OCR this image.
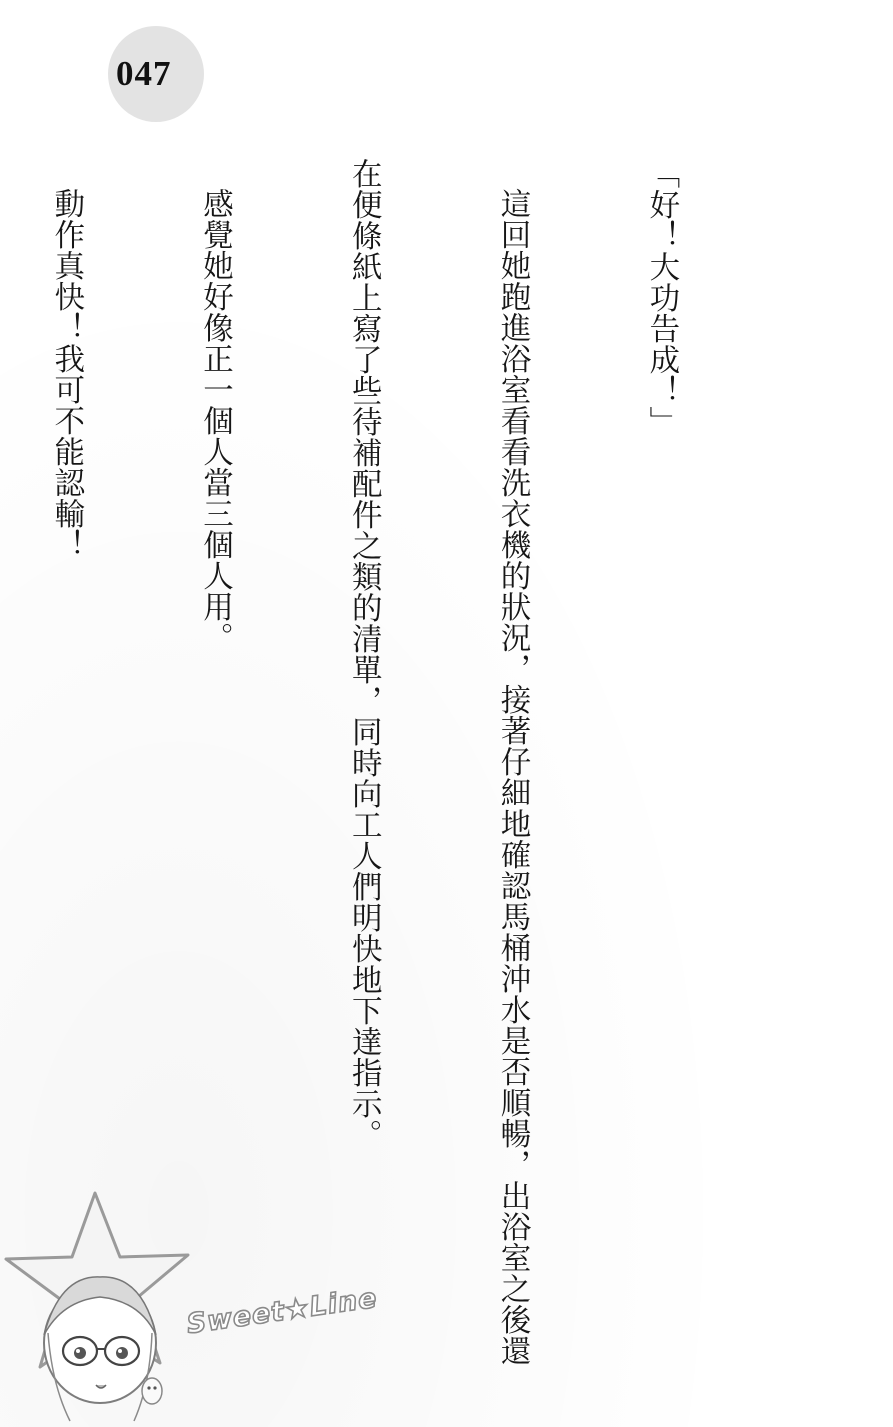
047

「好！大功告成！」

這回她跑進浴室看看洗衣機的狀況，接著仔細地確認馬桶沖水是否順暢，出浴室之後還

在便條紙上寫了些待補配件之類的清單，同時向工人們明快地下達指示。

感覺她好像正一個人當三個人用。

動作真快！我可不能認輸！

Sweet★Line
